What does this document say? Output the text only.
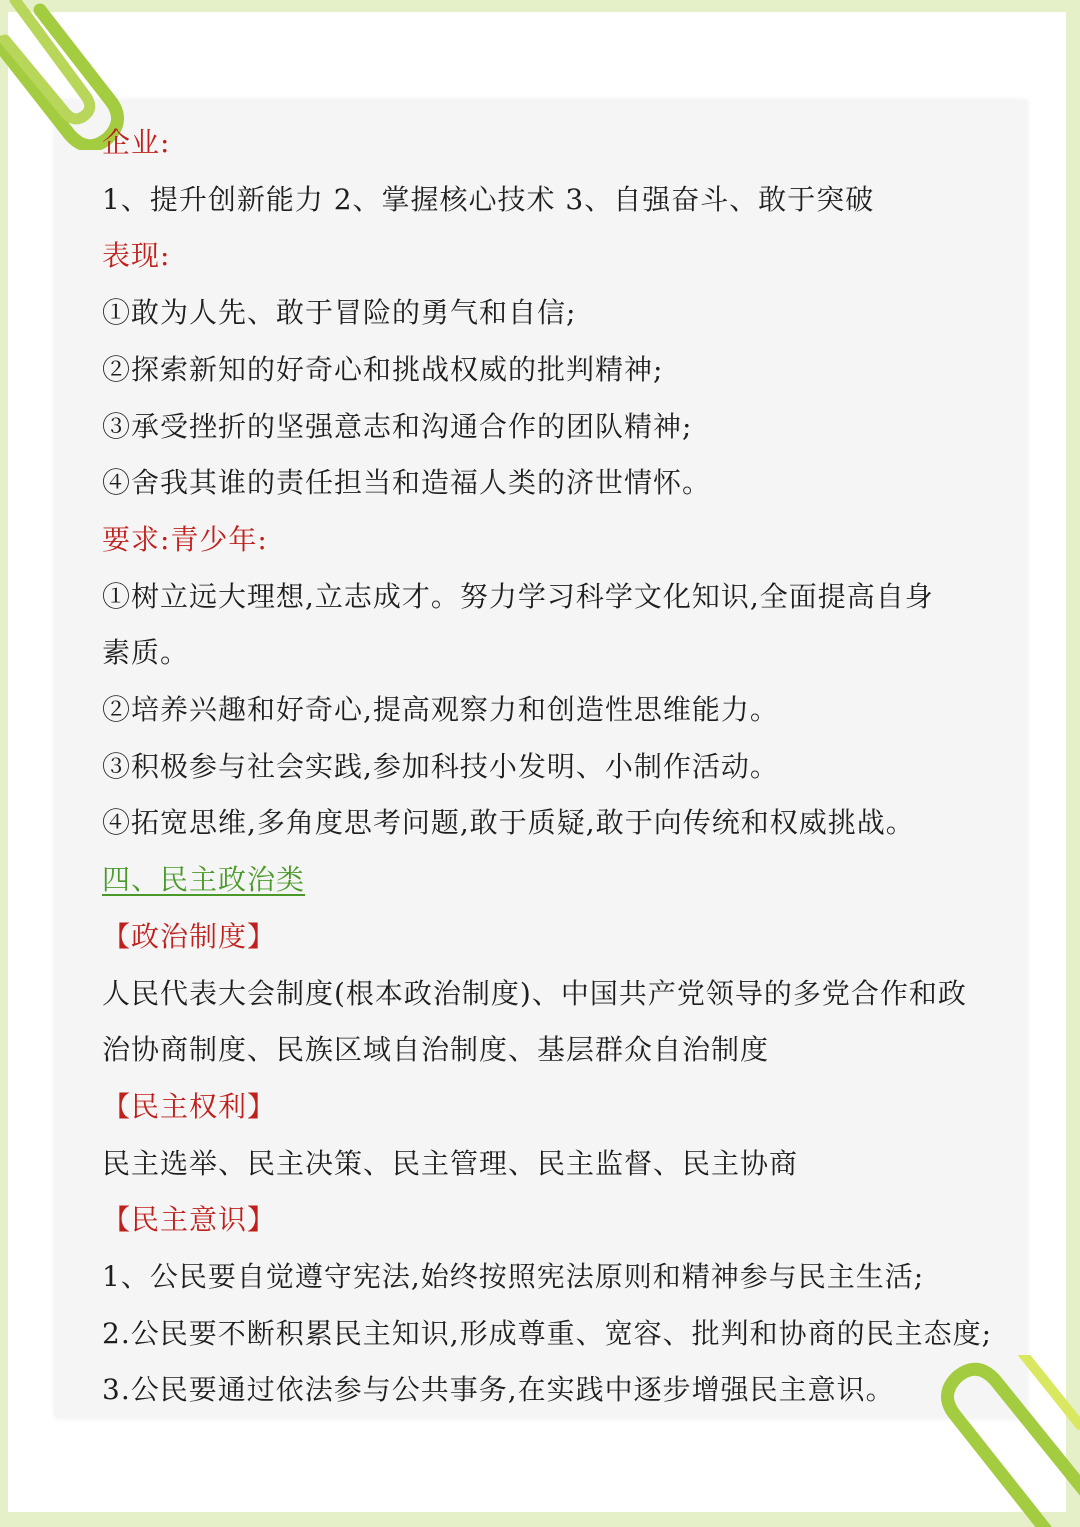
企业:
1、提升创新能力 2、掌握核心技术 3、自强奋斗、敢于突破
表现:
①敢为人先、敢于冒险的勇气和自信;
②探索新知的好奇心和挑战权威的批判精神;
③承受挫折的坚强意志和沟通合作的团队精神;
④舍我其谁的责任担当和造福人类的济世情怀。
要求:青少年:
①树立远大理想,立志成才。努力学习科学文化知识,全面提高自身
素质。
②培养兴趣和好奇心,提高观察力和创造性思维能力。
③积极参与社会实践,参加科技小发明、小制作活动。
④拓宽思维,多角度思考问题,敢于质疑,敢于向传统和权威挑战。
四、民主政治类
【政治制度】
人民代表大会制度(根本政治制度)、中国共产党领导的多党合作和政
治协商制度、民族区域自治制度、基层群众自治制度
【民主权利】
民主选举、民主决策、民主管理、民主监督、民主协商
【民主意识】
1、公民要自觉遵守宪法,始终按照宪法原则和精神参与民主生活;
2.公民要不断积累民主知识,形成尊重、宽容、批判和协商的民主态度;
3.公民要通过依法参与公共事务,在实践中逐步增强民主意识。
